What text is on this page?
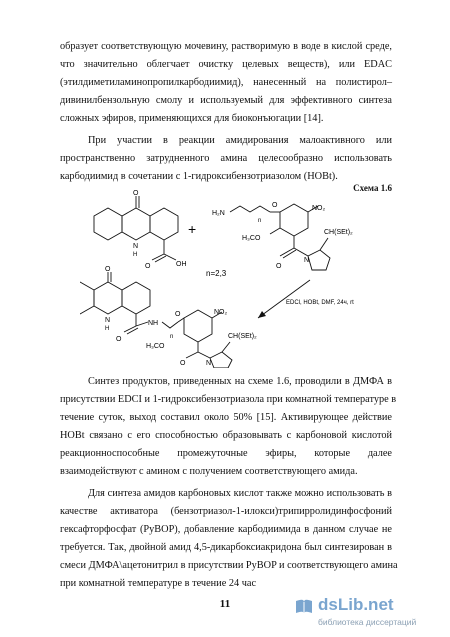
образует соответствующую мочевину, растворимую в воде в кислой среде,
что значительно облегчает очистку целевых веществ), или EDAC
(этилдиметиламинопропилкарбодиимид), нанесенный на полистирол–
дивинилбензольную смолу и используемый для эффективного синтеза
сложных эфиров, применяющихся для биоконъюгации [14].
При участии в реакции амидирования малоактивного или
пространственно затрудненного амина целесообразно использовать
карбодиимид в сочетании с 1-гидроксибензотриазолом (HOBt).
Схема 1.6
O
N
H
O	OH
+
H₂N
n
O	NO₂
CH(SEt)₂
N
O
H₃CO
n=2,3
EDCl, HOBt, DMF, 24ч, rt
O
N
H
O
NH
n
O	NO₂
CH(SEt)₂
N
O
H₃CO
Синтез продуктов, приведенных на схеме 1.6, проводили в ДМФА в
присутствии EDCI и 1-гидроксибензотриазола при комнатной температуре в
течение суток, выход составил около 50% [15]. Активирующее действие
HOBt связано с его способностью образовывать с карбоновой кислотой
реакционноспособные промежуточные эфиры, которые далее
взаимодействуют с амином с получением соответствующего амида.
Для синтеза амидов карбоновых кислот также можно использовать в
качестве активатора (бензотриазол-1-илокси)трипирролидинфосфоний
гексафторфосфат (PyBOP), добавление карбодиимида в данном случае не
требуется. Так, двойной амид 4,5-дикарбоксиакридона был синтезирован в
смеси ДМФА\ацетонитрил в присутствии PyBOP и соответствующего амина
при комнатной температуре в течение 24 час
11	dsLib.net
библиотека диссертаций
